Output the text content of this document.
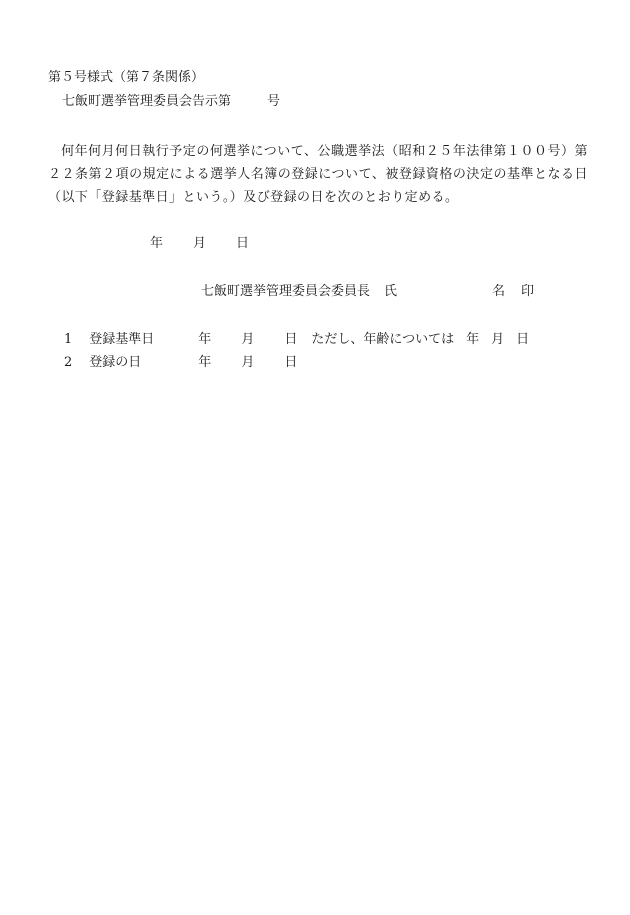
第５号様式（第７条関係）
七飯町選挙管理委員会告示第	号
何年何月何日執行予定の何選挙について、公職選挙法（昭和２５年法律第１００号）第２２条第２項の規定による選挙人名簿の登録について、被登録資格の決定の基準となる日（以下「登録基準日」という。）及び登録の日を次のとおり定める。
年 月 日
七飯町選挙管理委員会委員長 氏	名 印
1 登録基準日	年 月 日 ただし、年齢については 年 月 日
2 登録の日	年 月 日
